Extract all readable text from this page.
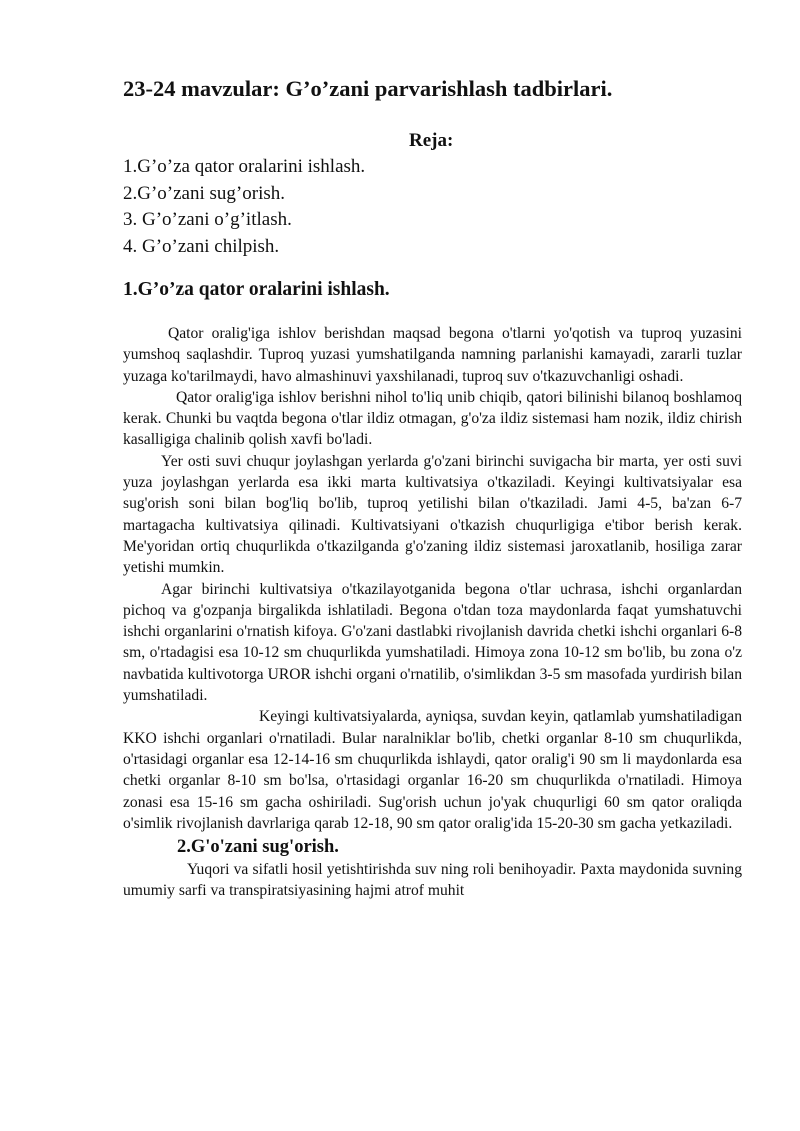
23-24 mavzular: G’o’zani parvarishlash tadbirlari.
Reja:
1.G’o’za qator oralarini ishlash.
2.G’o’zani sug’orish.
3. G’o’zani o’g’itlash.
4. G’o’zani chilpish.
1.G’o’za qator oralarini ishlash.

Qator oralig'iga ishlov berishdan maqsad begona o'tlarni yo'qotish va tuproq yuzasini yumshoq saqlashdir. Tuproq yuzasi yumshatilganda namning parlanishi kamayadi, zararli tuzlar yuzaga ko'tarilmaydi, havo almashinuvi yaxshilanadi, tuproq suv o'tkazuvchanligi oshadi.

Qator oralig'iga ishlov berishni nihol to'liq unib chiqib, qatori bilinishi bilanoq boshlamoq kerak. Chunki bu vaqtda begona o'tlar ildiz otmagan, g'o'za ildiz sistemasi ham nozik, ildiz chirish kasalligiga chalinib qolish xavfi bo'ladi.

Yer osti suvi chuqur joylashgan yerlarda g'o'zani birinchi suvigacha bir marta, yer osti suvi yuza joylashgan yerlarda esa ikki marta kultivatsiya o'tkaziladi. Keyingi kultivatsiyalar esa sug'orish soni bilan bog'liq bo'lib, tuproq yetilishi bilan o'tkaziladi. Jami 4-5, ba'zan 6-7 martagacha kultivatsiya qilinadi. Kultivatsiyani o'tkazish chuqurligiga e'tibor berish kerak. Me'yoridan ortiq chuqurlikda o'tkazilganda g'o'zaning ildiz sistemasi jaroxatlanib, hosiliga zarar yetishi mumkin.

Agar birinchi kultivatsiya o'tkazilayotganida begona o'tlar uchrasa, ishchi organlardan pichoq va g'ozpanja birgalikda ishlatiladi. Begona o'tdan toza maydonlarda faqat yumshatuvchi ishchi organlarini o'rnatish kifoya. G'o'zani dastlabki rivojlanish davrida chetki ishchi organlari 6-8 sm, o'rtadagisi esa 10-12 sm chuqurlikda yumshatiladi. Himoya zona 10-12 sm bo'lib, bu zona o'z navbatida kultivotorga UROR ishchi organi o'rnatilib, o'simlikdan 3-5 sm masofada yurdirish bilan yumshatiladi.

Keyingi kultivatsiyalarda, ayniqsa, suvdan keyin, qatlamlab yumshatiladigan KKO ishchi organlari o'rnatiladi. Bular naralniklar bo'lib, chetki organlar 8-10 sm chuqurlikda, o'rtasidagi organlar esa 12-14-16 sm chuqurlikda ishlaydi, qator oralig'i 90 sm li maydonlarda esa chetki organlar 8-10 sm bo'lsa, o'rtasidagi organlar 16-20 sm chuqurlikda o'rnatiladi. Himoya zonasi esa 15-16 sm gacha oshiriladi. Sug'orish uchun jo'yak chuqurligi 60 sm qator oraliqda o'simlik rivojlanish davrlariga qarab 12-18, 90 sm qator oralig'ida 15-20-30 sm gacha yetkaziladi.

2.G'o'zani sug'orish.

Yuqori va sifatli hosil yetishtirishda suv ning roli benihoyadir. Paxta maydonida suvning umumiy sarfi va transpiratsiyasining hajmi atrof muhit
